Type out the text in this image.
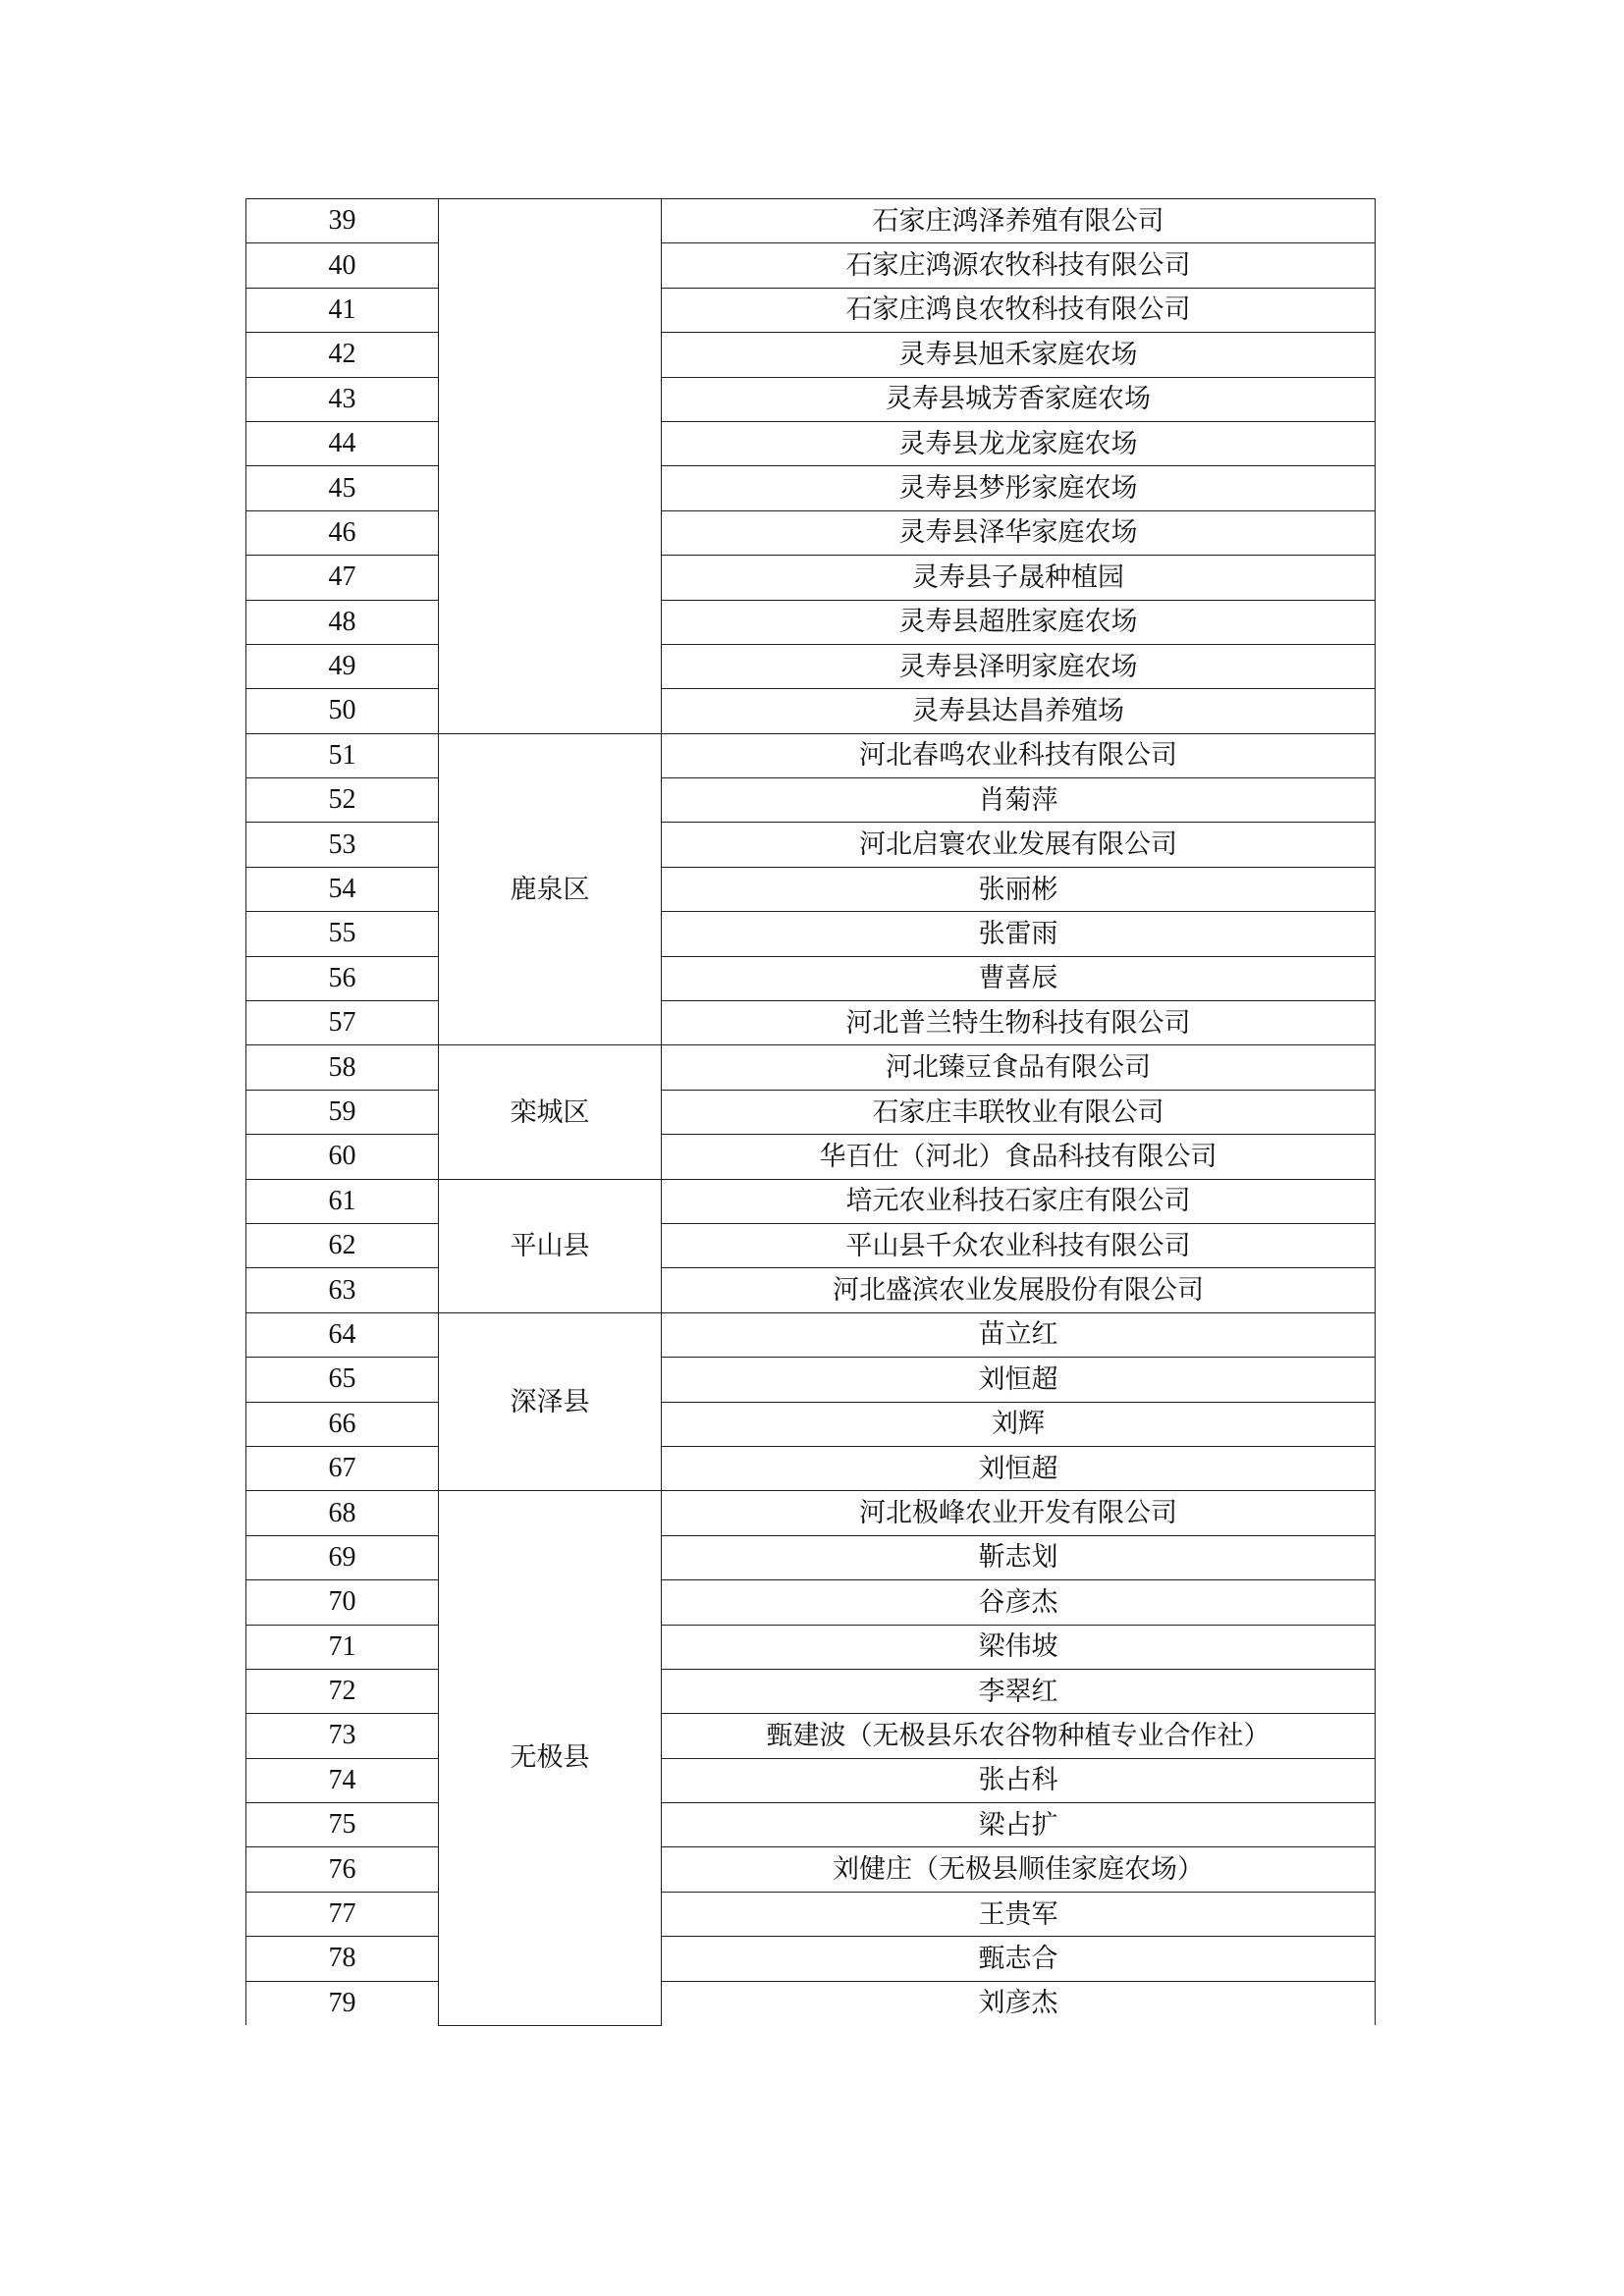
39		石家庄鸿泽养殖有限公司
40		石家庄鸿源农牧科技有限公司
41		石家庄鸿良农牧科技有限公司
42		灵寿县旭禾家庭农场
43		灵寿县城芳香家庭农场
44		灵寿县龙龙家庭农场
45		灵寿县梦彤家庭农场
46		灵寿县泽华家庭农场
47		灵寿县子晟种植园
48		灵寿县超胜家庭农场
49		灵寿县泽明家庭农场
50		灵寿县达昌养殖场
51	鹿泉区	河北春鸣农业科技有限公司
52		肖菊萍
53		河北启寰农业发展有限公司
54		张丽彬
55		张雷雨
56		曹喜辰
57		河北普兰特生物科技有限公司
58	栾城区	河北臻豆食品有限公司
59		石家庄丰联牧业有限公司
60		华百仕（河北）食品科技有限公司
61	平山县	培元农业科技石家庄有限公司
62		平山县千众农业科技有限公司
63		河北盛滨农业发展股份有限公司
64	深泽县	苗立红
65		刘恒超
66		刘辉
67		刘恒超
68	无极县	河北极峰农业开发有限公司
69		靳志划
70		谷彦杰
71		梁伟坡
72		李翠红
73		甄建波（无极县乐农谷物种植专业合作社）
74		张占科
75		梁占扩
76		刘健庄（无极县顺佳家庭农场）
77		王贵军
78		甄志合
79		刘彦杰
